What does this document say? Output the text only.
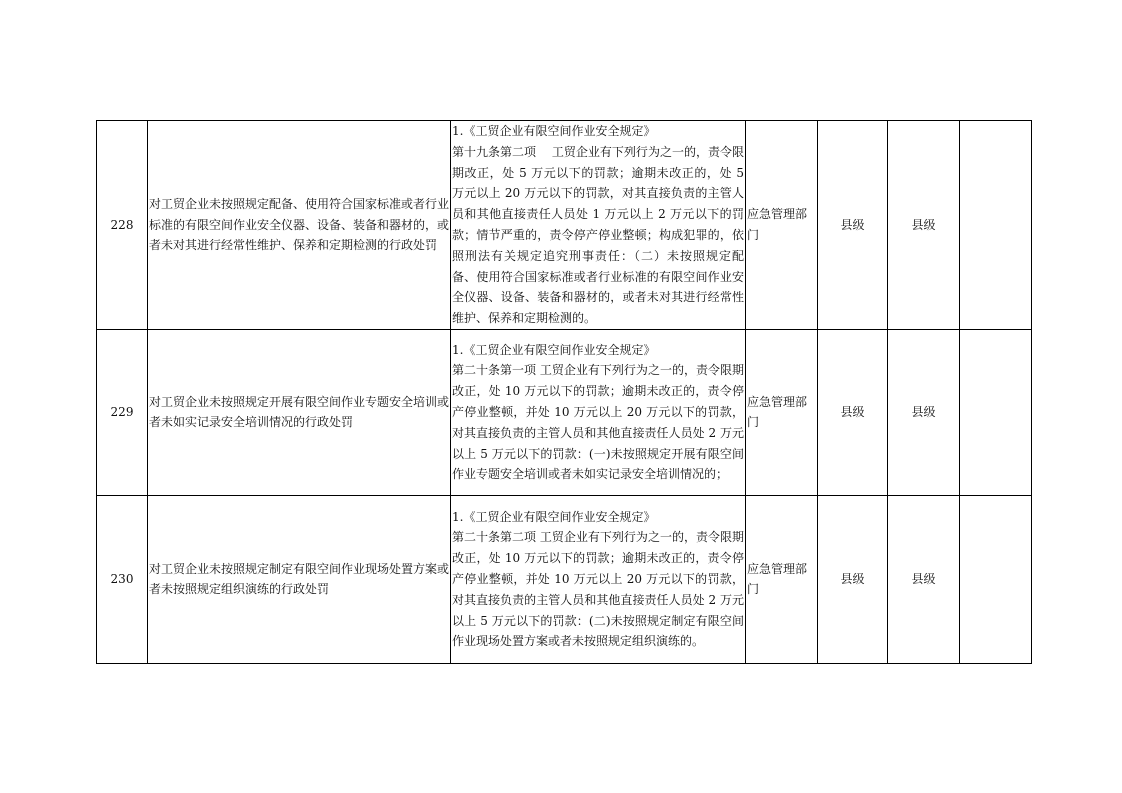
228	对工贸企业未按照规定配备、使用符合国家标准或者行业标准的有限空间作业安全仪器、设备、装备和器材的，或者未对其进行经常性维护、保养和定期检测的行政处罚	1.《工贸企业有限空间作业安全规定》
第十九条第二项　 工贸企业有下列行为之一的，责令限期改正，处 5 万元以下的罚款；逾期未改正的，处 5 万元以上 20 万元以下的罚款，对其直接负责的主管人员和其他直接责任人员处 1 万元以上 2 万元以下的罚款；情节严重的，责令停产停业整顿；构成犯罪的，依照刑法有关规定追究刑事责任：（二）未按照规定配备、使用符合国家标准或者行业标准的有限空间作业安全仪器、设备、装备和器材的，或者未对其进行经常性维护、保养和定期检测的。	应急管理部门	县级	县级	
229	对工贸企业未按照规定开展有限空间作业专题安全培训或者未如实记录安全培训情况的行政处罚	1.《工贸企业有限空间作业安全规定》
第二十条第一项 工贸企业有下列行为之一的，责令限期改正，处 10 万元以下的罚款；逾期未改正的，责令停产停业整顿，并处 10 万元以上 20 万元以下的罚款，对其直接负责的主管人员和其他直接责任人员处 2 万元以上 5 万元以下的罚款：(一)未按照规定开展有限空间作业专题安全培训或者未如实记录安全培训情况的；	应急管理部门	县级	县级	
230	对工贸企业未按照规定制定有限空间作业现场处置方案或者未按照规定组织演练的行政处罚	1.《工贸企业有限空间作业安全规定》
第二十条第二项 工贸企业有下列行为之一的，责令限期改正，处 10 万元以下的罚款；逾期未改正的，责令停产停业整顿，并处 10 万元以上 20 万元以下的罚款，对其直接负责的主管人员和其他直接责任人员处 2 万元以上 5 万元以下的罚款：(二)未按照规定制定有限空间作业现场处置方案或者未按照规定组织演练的。	应急管理部门	县级	县级	
